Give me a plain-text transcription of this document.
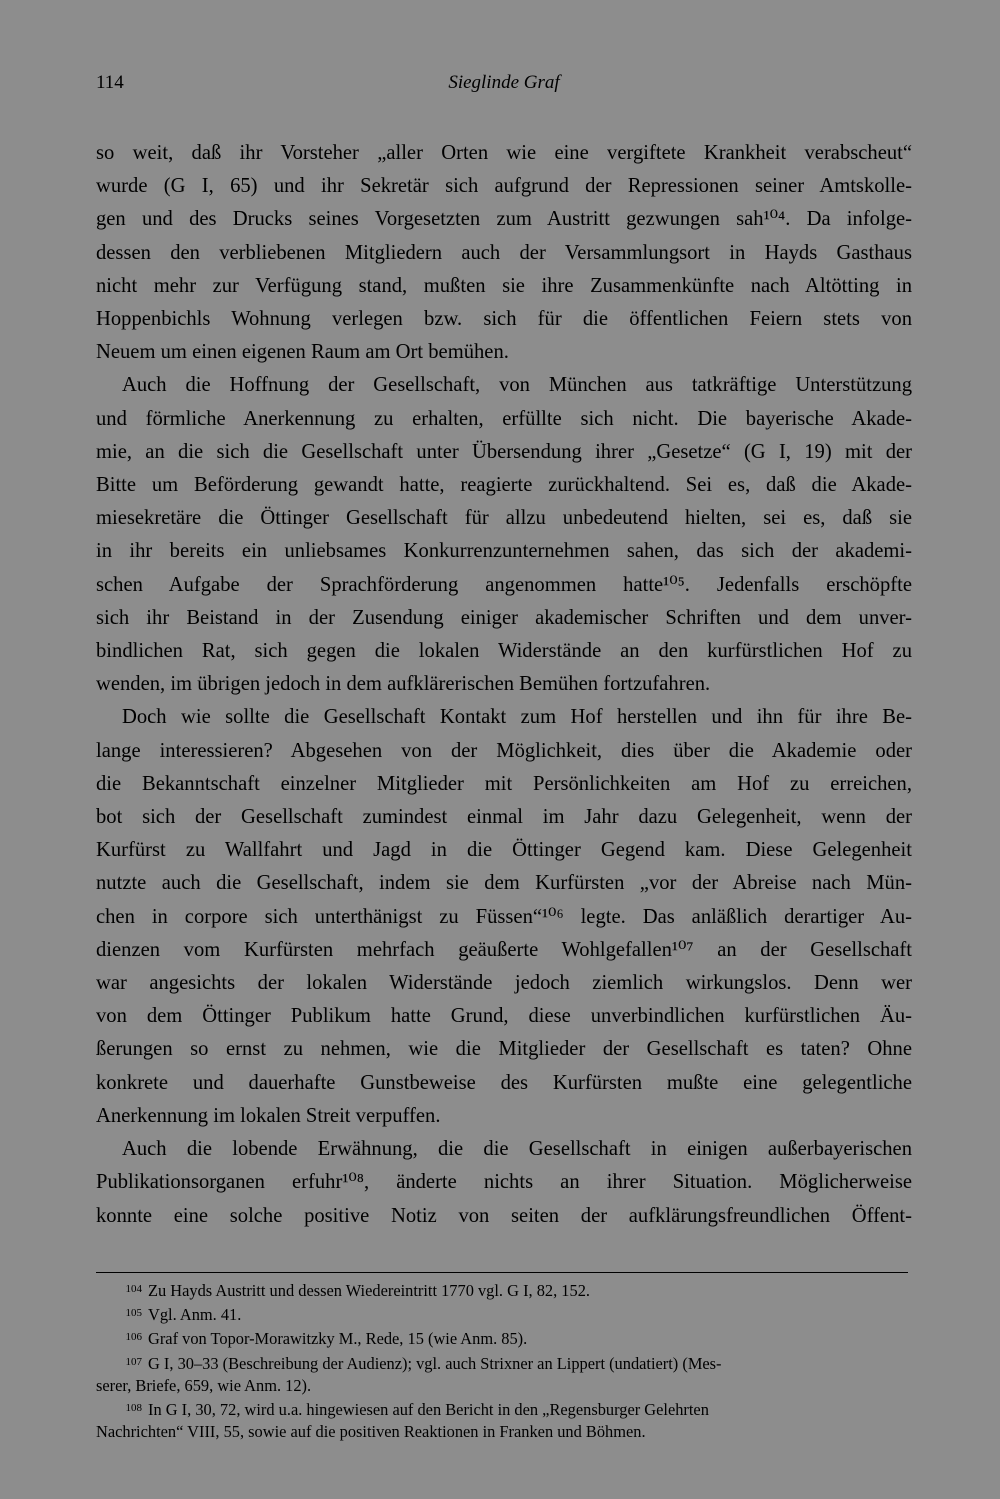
114	Sieglinde Graf

so weit, daß ihr Vorsteher „aller Orten wie eine vergiftete Krankheit verabscheut“
wurde (G I, 65) und ihr Sekretär sich aufgrund der Repressionen seiner Amtskolle-
gen und des Drucks seines Vorgesetzten zum Austritt gezwungen sah¹⁰⁴. Da infolge-
dessen den verbliebenen Mitgliedern auch der Versammlungsort in Hayds Gasthaus
nicht mehr zur Verfügung stand, mußten sie ihre Zusammenkünfte nach Altötting in
Hoppenbichls Wohnung verlegen bzw. sich für die öffentlichen Feiern stets von
Neuem um einen eigenen Raum am Ort bemühen.

Auch die Hoffnung der Gesellschaft, von München aus tatkräftige Unterstützung
und förmliche Anerkennung zu erhalten, erfüllte sich nicht. Die bayerische Akade-
mie, an die sich die Gesellschaft unter Übersendung ihrer „Gesetze“ (G I, 19) mit der
Bitte um Beförderung gewandt hatte, reagierte zurückhaltend. Sei es, daß die Akade-
miesekretäre die Öttinger Gesellschaft für allzu unbedeutend hielten, sei es, daß sie
in ihr bereits ein unliebsames Konkurrenzunternehmen sahen, das sich der akademi-
schen Aufgabe der Sprachförderung angenommen hatte¹⁰⁵. Jedenfalls erschöpfte
sich ihr Beistand in der Zusendung einiger akademischer Schriften und dem unver-
bindlichen Rat, sich gegen die lokalen Widerstände an den kurfürstlichen Hof zu
wenden, im übrigen jedoch in dem aufklärerischen Bemühen fortzufahren.

Doch wie sollte die Gesellschaft Kontakt zum Hof herstellen und ihn für ihre Be-
lange interessieren? Abgesehen von der Möglichkeit, dies über die Akademie oder
die Bekanntschaft einzelner Mitglieder mit Persönlichkeiten am Hof zu erreichen,
bot sich der Gesellschaft zumindest einmal im Jahr dazu Gelegenheit, wenn der
Kurfürst zu Wallfahrt und Jagd in die Öttinger Gegend kam. Diese Gelegenheit
nutzte auch die Gesellschaft, indem sie dem Kurfürsten „vor der Abreise nach Mün-
chen in corpore sich unterthänigst zu Füssen“¹⁰⁶ legte. Das anläßlich derartiger Au-
dienzen vom Kurfürsten mehrfach geäußerte Wohlgefallen¹⁰⁷ an der Gesellschaft
war angesichts der lokalen Widerstände jedoch ziemlich wirkungslos. Denn wer
von dem Öttinger Publikum hatte Grund, diese unverbindlichen kurfürstlichen Äu-
ßerungen so ernst zu nehmen, wie die Mitglieder der Gesellschaft es taten? Ohne
konkrete und dauerhafte Gunstbeweise des Kurfürsten mußte eine gelegentliche
Anerkennung im lokalen Streit verpuffen.

Auch die lobende Erwähnung, die die Gesellschaft in einigen außerbayerischen
Publikationsorganen erfuhr¹⁰⁸, änderte nichts an ihrer Situation. Möglicherweise
konnte eine solche positive Notiz von seiten der aufklärungsfreundlichen Öffent-

104 Zu Hayds Austritt und dessen Wiedereintritt 1770 vgl. G I, 82, 152.
105 Vgl. Anm. 41.
106 Graf von Topor-Morawitzky M., Rede, 15 (wie Anm. 85).
107 G I, 30–33 (Beschreibung der Audienz); vgl. auch Strixner an Lippert (undatiert) (Mes-
serer, Briefe, 659, wie Anm. 12).
108 In G I, 30, 72, wird u.a. hingewiesen auf den Bericht in den „Regensburger Gelehrten
Nachrichten“ VIII, 55, sowie auf die positiven Reaktionen in Franken und Böhmen.
